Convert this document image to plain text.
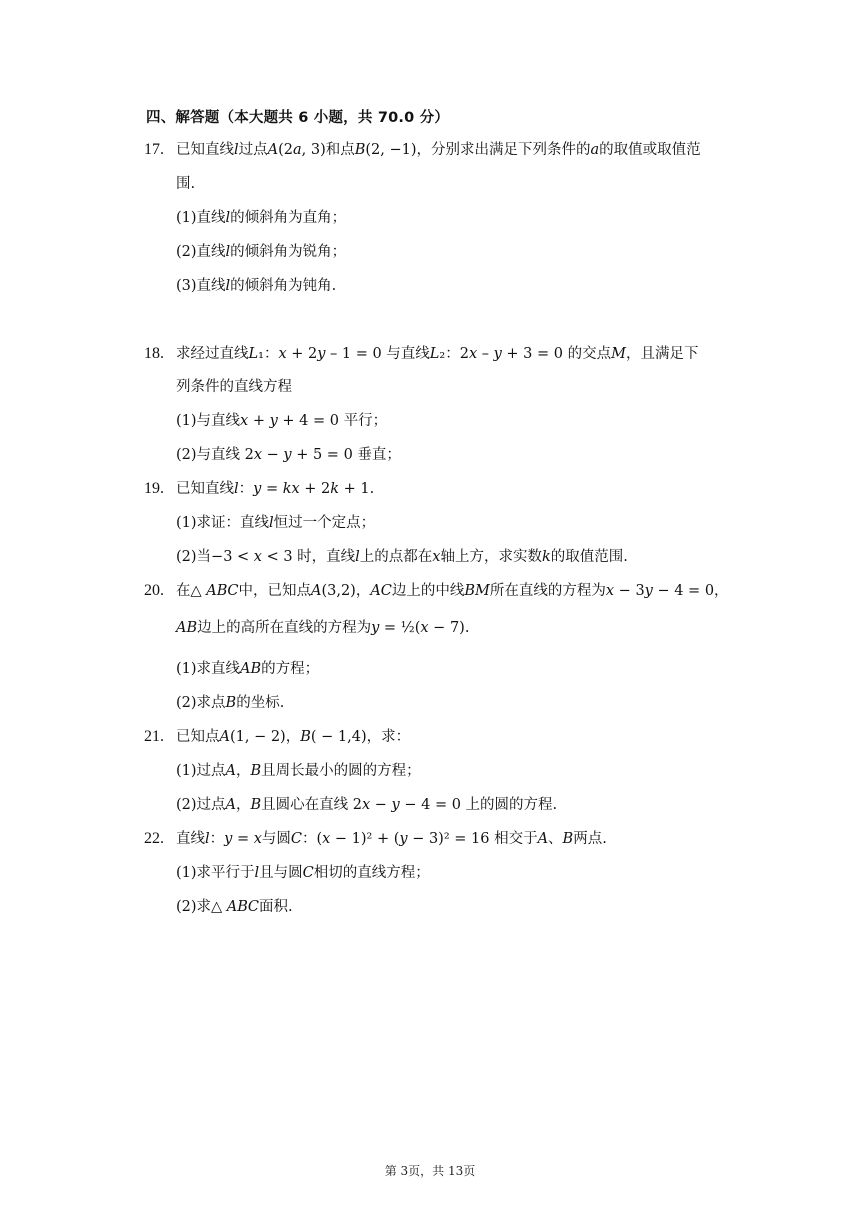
四、解答题（本大题共 6 小题，共 70.0 分）
17. 已知直线𝑙过点𝐴(2𝑎, 3)和点𝐵(2, −1)，分别求出满足下列条件的𝑎的取值或取值范
围.
(1)直线𝑙的倾斜角为直角；
(2)直线𝑙的倾斜角为锐角；
(3)直线𝑙的倾斜角为钝角.
18. 求经过直线𝐿₁：𝑥 + 2𝑦 – 1 = 0 与直线𝐿₂：2𝑥 – 𝑦 + 3 = 0 的交点𝑀，且满足下
列条件的直线方程
(1)与直线𝑥 + 𝑦 + 4 = 0 平行；
(2)与直线 2𝑥 − 𝑦 + 5 = 0 垂直；
19. 已知直线𝑙：𝑦 = 𝑘𝑥 + 2𝑘 + 1.
(1)求证：直线𝑙恒过一个定点；
(2)当−3 < 𝑥 < 3 时，直线𝑙上的点都在𝑥轴上方，求实数𝑘的取值范围.
20. 在△ 𝐴𝐵𝐶中，已知点𝐴(3,2)，𝐴𝐶边上的中线𝐵𝑀所在直线的方程为𝑥 − 3𝑦 − 4 = 0，
𝐴𝐵边上的高所在直线的方程为𝑦 = ½(𝑥 − 7).
(1)求直线𝐴𝐵的方程；
(2)求点𝐵的坐标.
21. 已知点𝐴(1, − 2)，𝐵( − 1,4)，求：
(1)过点𝐴，𝐵且周长最小的圆的方程；
(2)过点𝐴，𝐵且圆心在直线 2𝑥 − 𝑦 − 4 = 0 上的圆的方程.
22. 直线𝑙：𝑦 = 𝑥与圆𝐶：(𝑥 − 1)² + (𝑦 − 3)² = 16 相交于𝐴、𝐵两点.
(1)求平行于𝑙且与圆𝐶相切的直线方程；
(2)求△ 𝐴𝐵𝐶面积.
第 3页，共 13页
